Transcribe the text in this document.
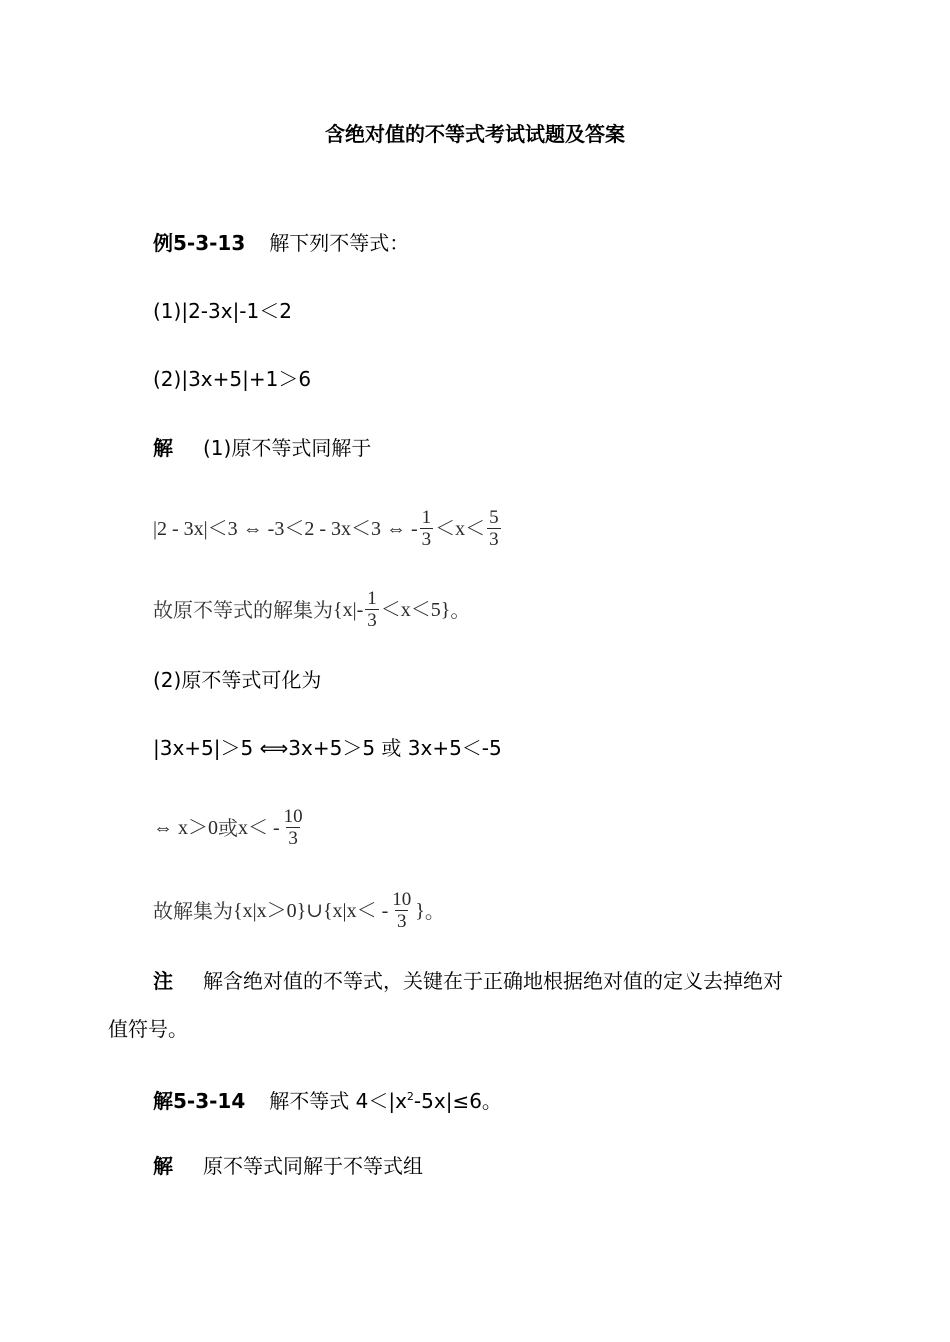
含绝对值的不等式考试试题及答案
例5-3-13 解下列不等式：
(1)|2-3x|-1＜2
(2)|3x+5|+1＞6
解 (1)原不等式同解于
|2 - 3x|＜3 ⇔ -3＜2 - 3x＜3 ⇔ - $\frac{1}{3} <x< \frac{5}{3}$
故原不等式的解集为 $\{x|- \frac{1}{3} <x<5\}$ 。
(2)原不等式可化为
|3x+5|＞5 ⟺3x+5＞5 或 3x+5＜-5
⇔ x＞0 或 $x< - \frac{10}{3}$
故解集为 {x|x＞0}∪{x|x＜ - $\frac{10}{3}$ } 。
注 解含绝对值的不等式，关键在于正确地根据绝对值的定义去掉绝对
值符号。
解5-3-14 解不等式 $4<|x^2-5x|\le 6$。
解 原不等式同解于不等式组
